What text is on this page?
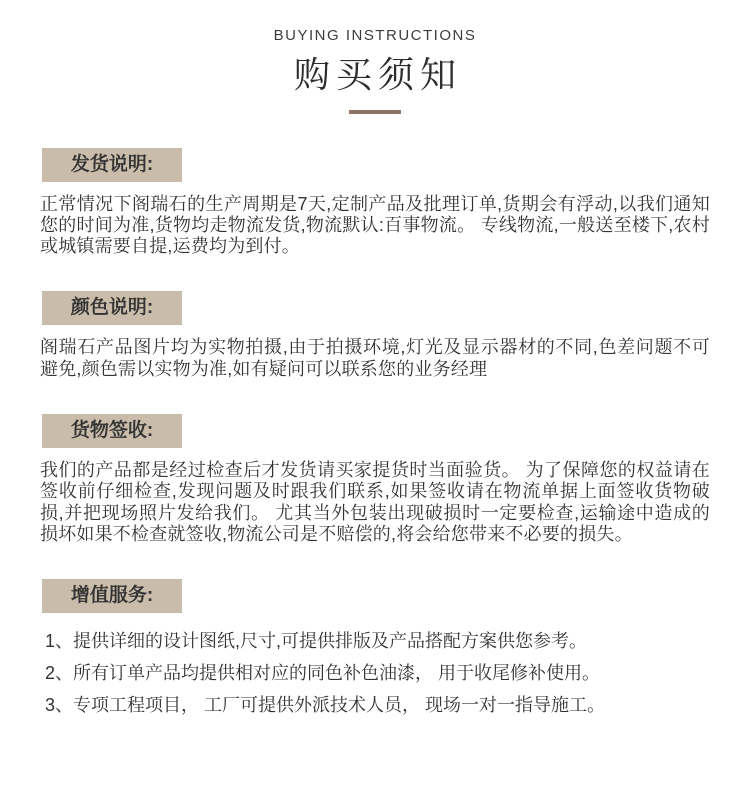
BUYING INSTRUCTIONS
购买须知
发货说明:

正常情况下阁瑞石的生产周期是7天,定制产品及批理订单,货期会有浮动,以我们通知您的时间为准,货物均走物流发货,物流默认:百事物流。 专线物流,一般送至楼下,农村或城镇需要自提,运费均为到付。

颜色说明:

阁瑞石产品图片均为实物拍摄,由于拍摄环境,灯光及显示器材的不同,色差问题不可避免,颜色需以实物为准,如有疑问可以联系您的业务经理

货物签收:

我们的产品都是经过检查后才发货请买家提货时当面验货。 为了保障您的权益请在签收前仔细检查,发现问题及时跟我们联系,如果签收请在物流单据上面签收货物破损,并把现场照片发给我们。 尤其当外包装出现破损时一定要检查,运输途中造成的损坏如果不检查就签收,物流公司是不赔偿的,将会给您带来不必要的损失。

增值服务:
1、提供详细的设计图纸,尺寸,可提供排版及产品搭配方案供您参考。
2、所有订单产品均提供相对应的同色补色油漆， 用于收尾修补使用。
3、专项工程项目， 工厂可提供外派技术人员， 现场一对一指导施工。
